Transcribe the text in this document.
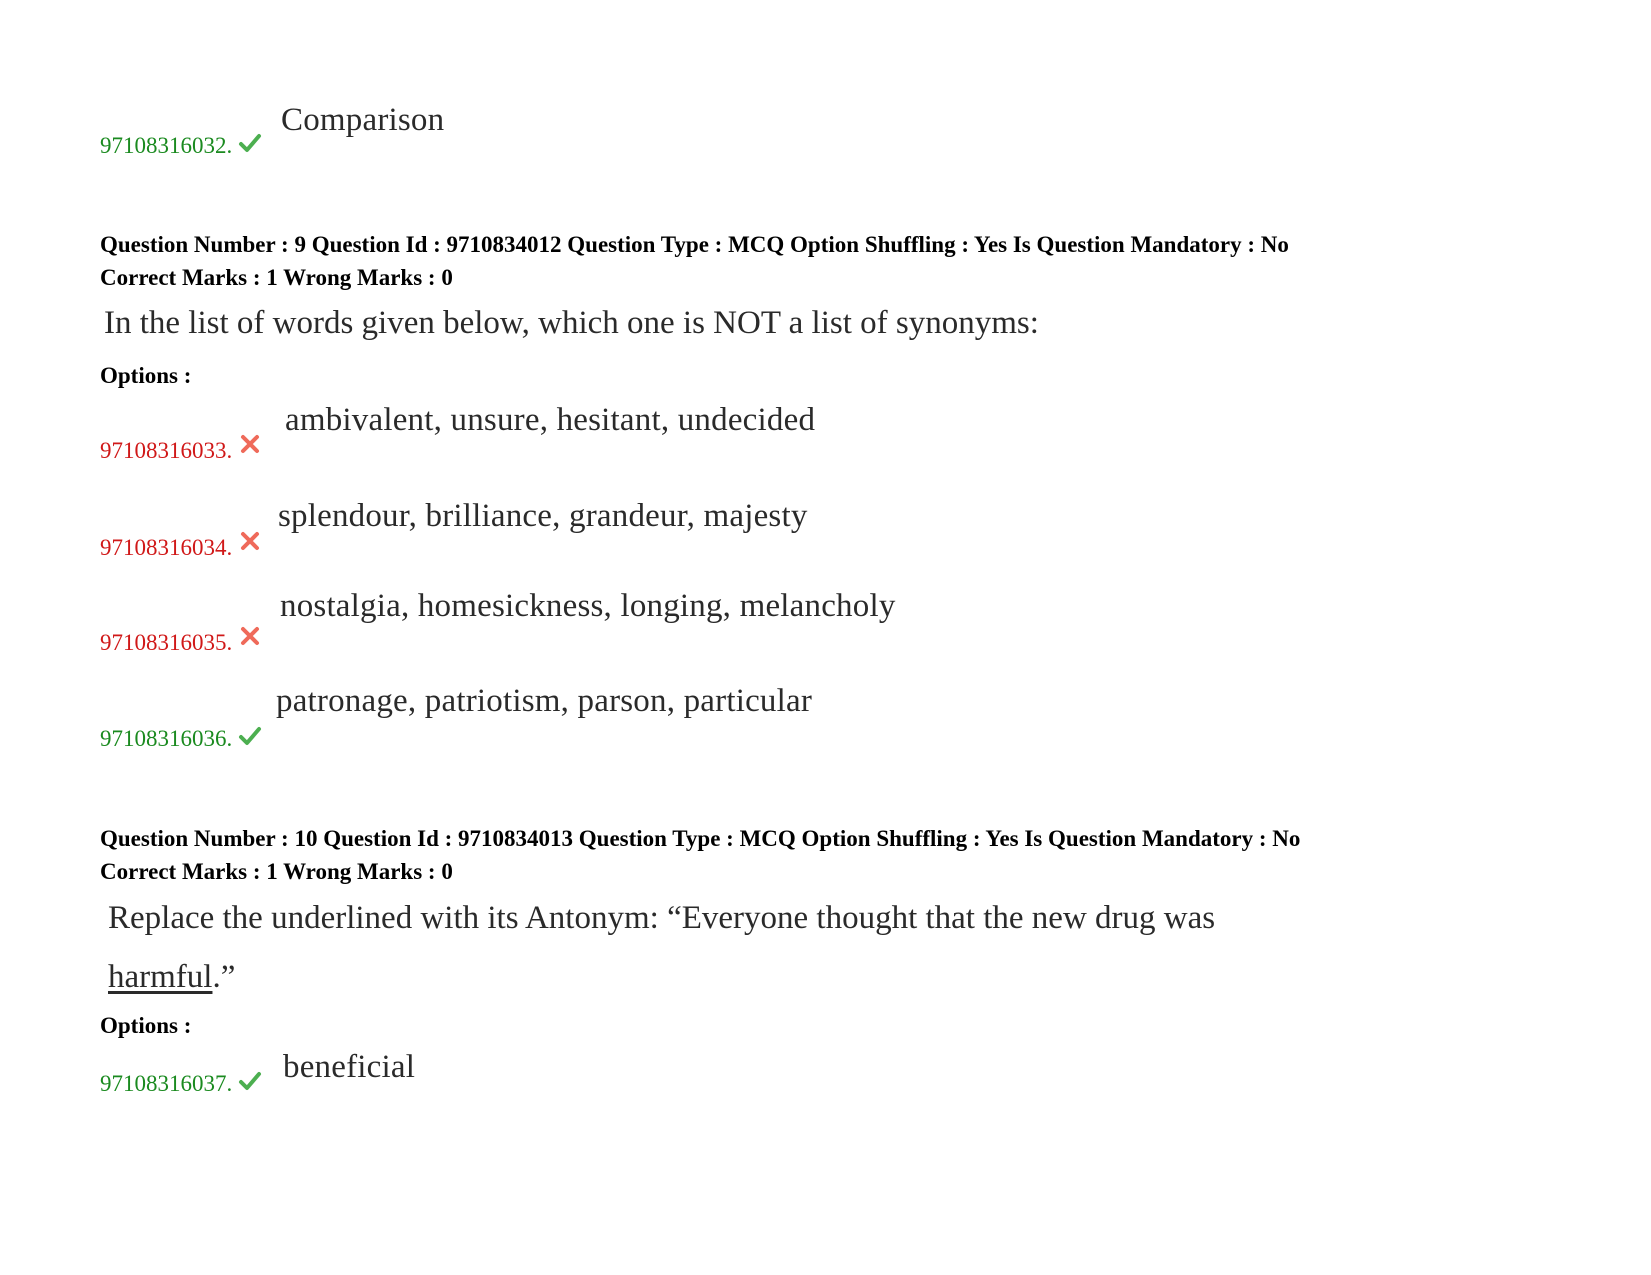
Comparison
97108316032.
Question Number : 9 Question Id : 9710834012 Question Type : MCQ Option Shuffling : Yes Is Question Mandatory : No
Correct Marks : 1 Wrong Marks : 0
In the list of words given below, which one is NOT a list of synonyms:
Options :
ambivalent, unsure, hesitant, undecided
97108316033.
splendour, brilliance, grandeur, majesty
97108316034.
nostalgia, homesickness, longing, melancholy
97108316035.
patronage, patriotism, parson, particular
97108316036.
Question Number : 10 Question Id : 9710834013 Question Type : MCQ Option Shuffling : Yes Is Question Mandatory : No
Correct Marks : 1 Wrong Marks : 0
Replace the underlined with its Antonym: “Everyone thought that the new drug was
harmful.”
Options :
beneficial
97108316037.
